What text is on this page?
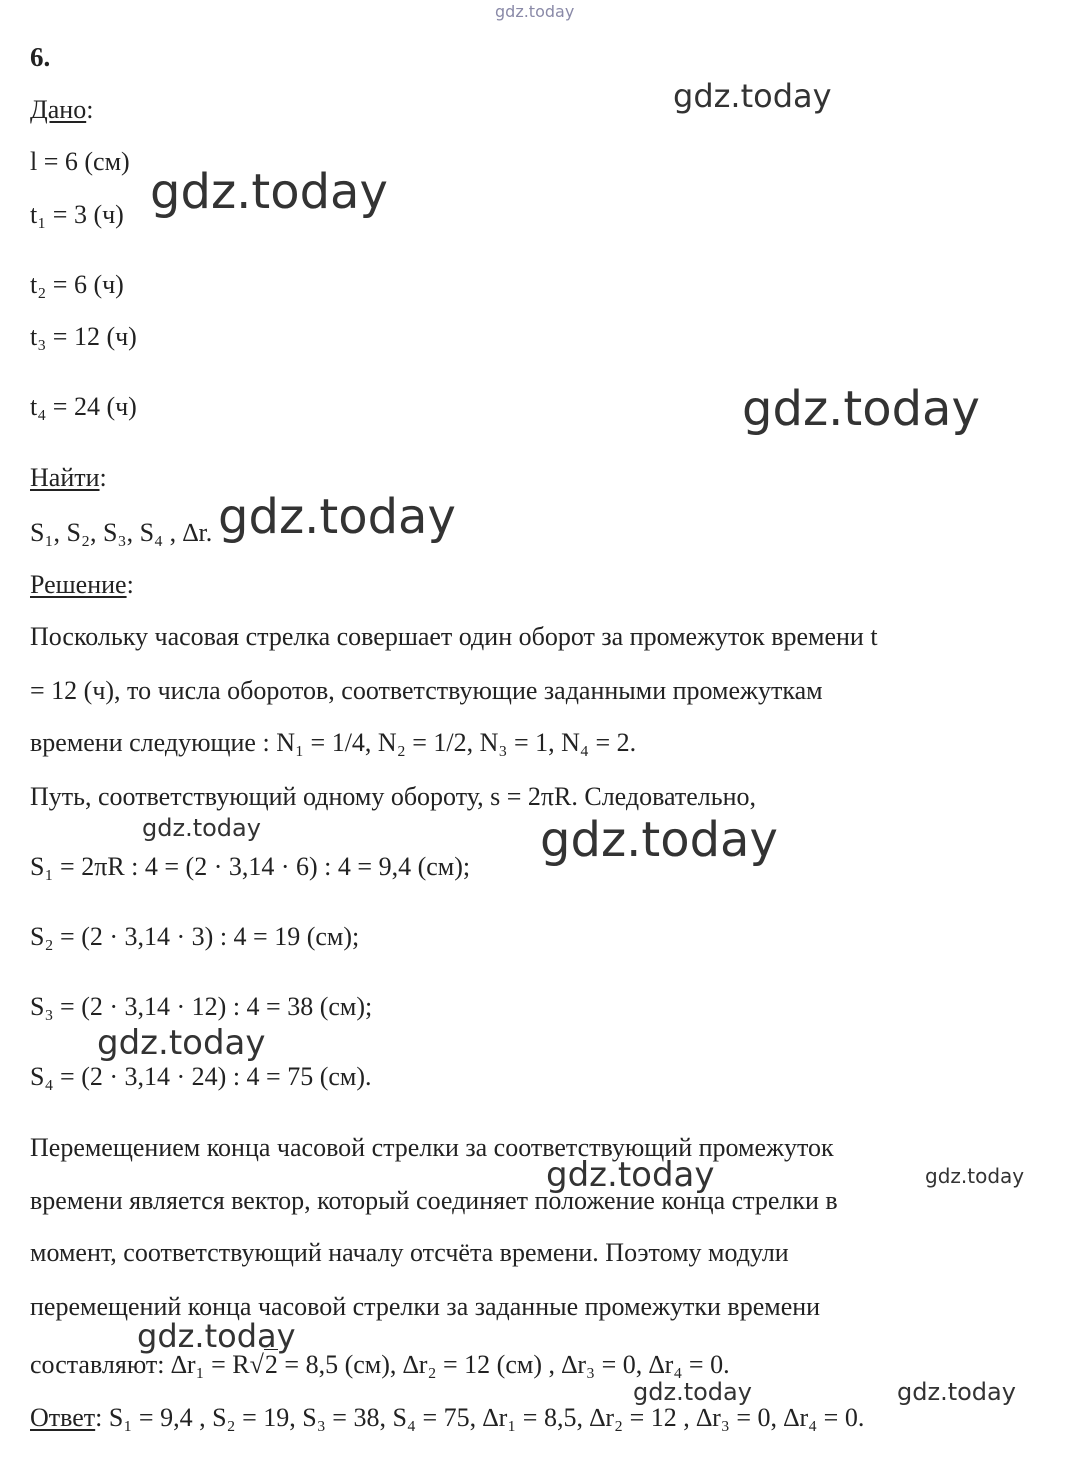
gdz.today
gdz.today
gdz.today
gdz.today
gdz.today
gdz.today	gdz.today
gdz.today
gdz.today	gdz.today
gdz.today
gdz.today	gdz.today
6.
Дано:
l = 6 (см)
t₁ = 3 (ч)
t₂ = 6 (ч)
t₃ = 12 (ч)
t₄ = 24 (ч)
Найти:
S₁, S₂, S₃, S₄ , ∆r.
Решение:
Поскольку часовая стрелка совершает один оборот за промежуток времени t
= 12 (ч), то числа оборотов, соответствующие заданными промежуткам
времени следующие : N₁ = 1/4, N₂ = 1/2, N₃ = 1, N₄ = 2.
Путь, соответствующий одному обороту, s = 2πR. Следовательно,
S₁ = 2πR : 4 = (2 · 3,14 · 6) : 4 = 9,4 (см);
S₂ = (2 · 3,14 · 3) : 4 = 19 (см);
S₃ = (2 · 3,14 · 12) : 4 = 38 (см);
S₄ = (2 · 3,14 · 24) : 4 = 75 (см).
Перемещением конца часовой стрелки за соответствующий промежуток
времени является вектор, который соединяет положение конца стрелки в
момент, соответствующий началу отсчёта времени. Поэтому модули
перемещений конца часовой стрелки за заданные промежутки времени
составляют: ∆r₁ = R√2 = 8,5 (см), ∆r₂ = 12 (см) , ∆r₃ = 0, ∆r₄ = 0.
Ответ: S₁ = 9,4 , S₂ = 19, S₃ = 38, S₄ = 75, ∆r₁ = 8,5, ∆r₂ = 12 , ∆r₃ = 0, ∆r₄ = 0.
